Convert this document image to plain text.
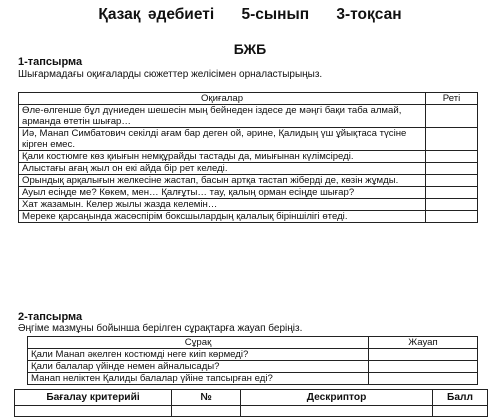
Қазақ әдебиеті 5-сынып 3-тоқсан
БЖБ
1-тапсырма
Шығармадағы оқиғаларды сюжеттер желісімен орналастырыңыз.
Оқиғалар	Реті
Өле-өлгенше бұл дүниеден шешесін мың бейнеден іздесе де мәңгі бақи таба алмай, армандa өтетін шығар…	
Иә, Манап Симбатович секілді ағам бар деген ой, әрине, Қалидың үш ұйықтаса түсіне кірген емес.	
Қали костюмге көз қиығын немқұрайды тастады да, миығынан күлімсіреді.	
Алыстағы ағаң жыл он екі айда бір рет келеді.	
Орындық арқалығын желкесіне жастап, басын артқа тастап жіберді де, көзін жұмды.	
Ауыл есіңде ме? Көкем, мен… Қалғұты… тау, қалың орман есіңде шығар?	
Хат жазамын. Келер жылы жазда келемін…	
Мереке қарсаңында жасөспірім боксшылардың қалалық біріншілігі өтеді.	
2-тапсырма
Әңгіме мазмұны бойынша берілген сұрақтарға жауап беріңіз.
Сұрақ	Жауап
Қали Манап әкелген костюмді неге киіп көрмеді?	
Қали балалар үйінде немен айналысады?	
Манап неліктен Қалиды балалар үйіне тапсырған еді?	
Бағалау критерийі	№	Дескриптор	Балл
